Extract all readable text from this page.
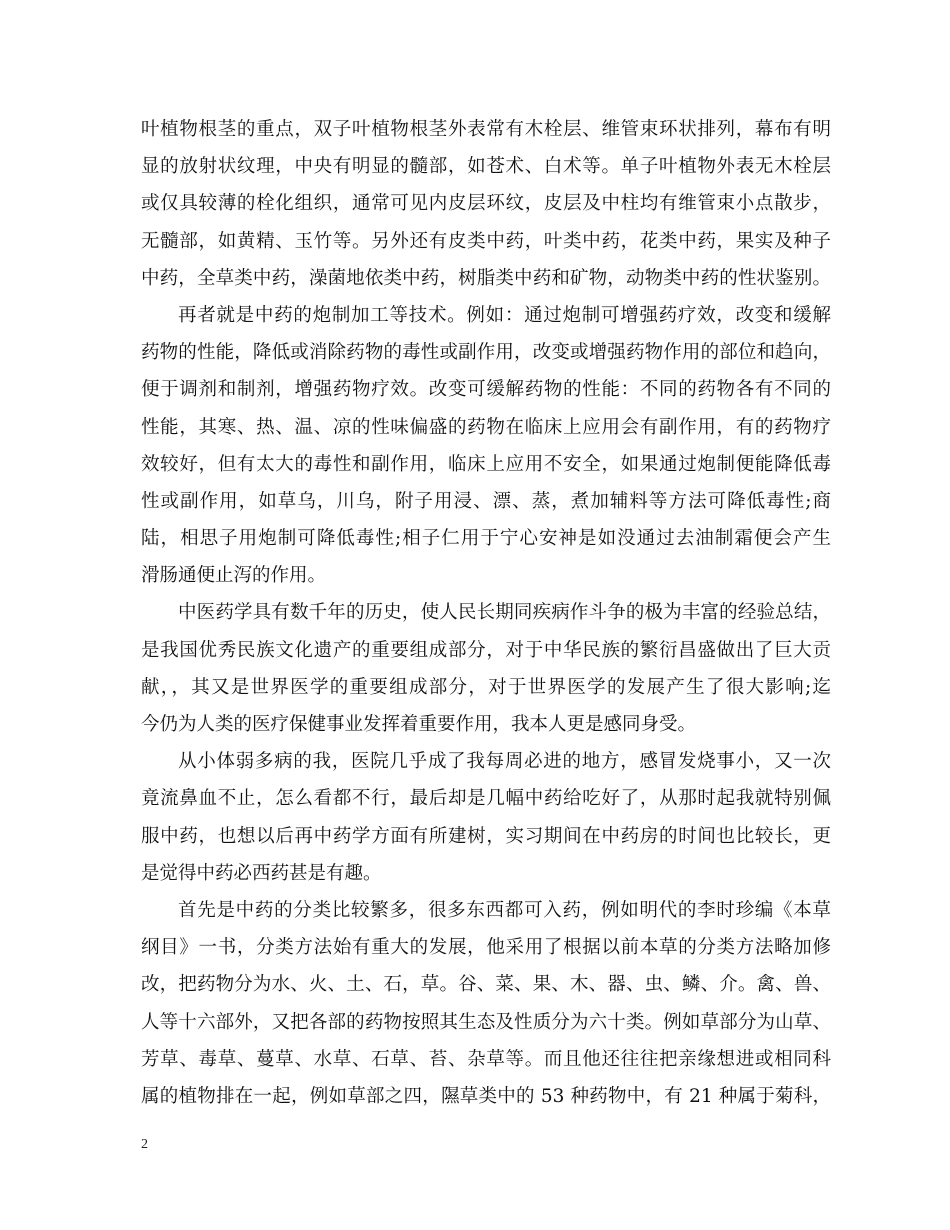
叶植物根茎的重点，双子叶植物根茎外表常有木栓层、维管束环状排列，幕布有明
显的放射状纹理，中央有明显的髓部，如苍术、白术等。单子叶植物外表无木栓层
或仅具较薄的栓化组织，通常可见内皮层环纹，皮层及中柱均有维管束小点散步，
无髓部，如黄精、玉竹等。另外还有皮类中药，叶类中药，花类中药，果实及种子
中药，全草类中药，澡菌地依类中药，树脂类中药和矿物，动物类中药的性状鉴别。
再者就是中药的炮制加工等技术。例如：通过炮制可增强药疗效，改变和缓解
药物的性能，降低或消除药物的毒性或副作用，改变或增强药物作用的部位和趋向，
便于调剂和制剂，增强药物疗效。改变可缓解药物的性能：不同的药物各有不同的
性能，其寒、热、温、凉的性味偏盛的药物在临床上应用会有副作用，有的药物疗
效较好，但有太大的毒性和副作用，临床上应用不安全，如果通过炮制便能降低毒
性或副作用，如草乌，川乌，附子用浸、漂、蒸，煮加辅料等方法可降低毒性;商
陆，相思子用炮制可降低毒性;相子仁用于宁心安神是如没通过去油制霜便会产生
滑肠通便止泻的作用。
中医药学具有数千年的历史，使人民长期同疾病作斗争的极为丰富的经验总结，
是我国优秀民族文化遗产的重要组成部分，对于中华民族的繁衍昌盛做出了巨大贡
献，，其又是世界医学的重要组成部分，对于世界医学的发展产生了很大影响;迄
今仍为人类的医疗保健事业发挥着重要作用，我本人更是感同身受。
从小体弱多病的我，医院几乎成了我每周必进的地方，感冒发烧事小，又一次
竟流鼻血不止，怎么看都不行，最后却是几幅中药给吃好了，从那时起我就特别佩
服中药，也想以后再中药学方面有所建树，实习期间在中药房的时间也比较长，更
是觉得中药必西药甚是有趣。
首先是中药的分类比较繁多，很多东西都可入药，例如明代的李时珍编《本草
纲目》一书，分类方法始有重大的发展，他采用了根据以前本草的分类方法略加修
改，把药物分为水、火、土、石，草。谷、菜、果、木、器、虫、鳞、介。禽、兽、
人等十六部外，又把各部的药物按照其生态及性质分为六十类。例如草部分为山草、
芳草、毒草、蔓草、水草、石草、苔、杂草等。而且他还往往把亲缘想进或相同科
属的植物排在一起，例如草部之四，隰草类中的 53 种药物中，有 21 种属于菊科，
2
